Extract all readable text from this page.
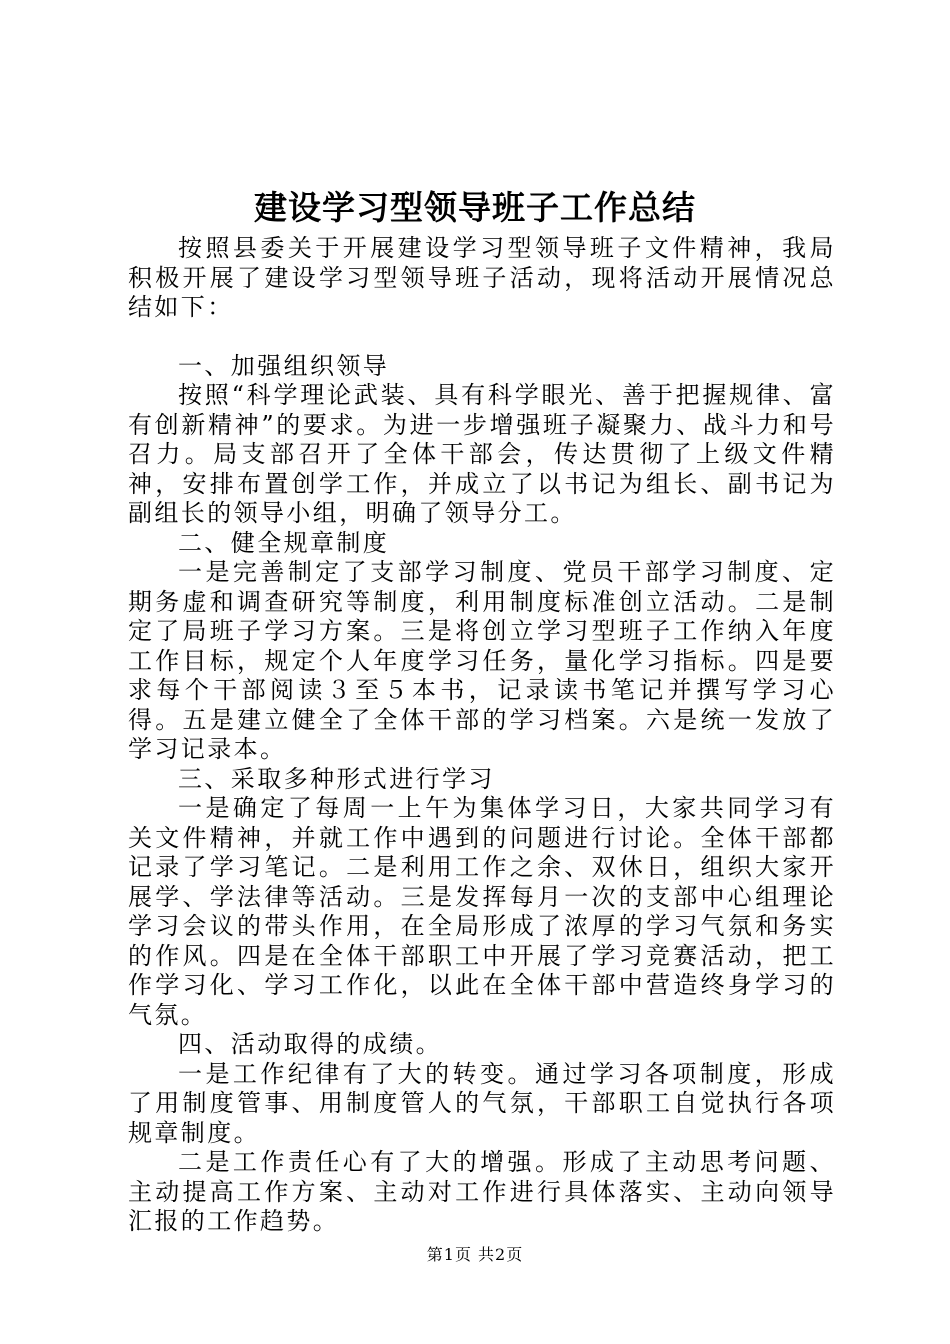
建设学习型领导班子工作总结

按照县委关于开展建设学习型领导班子文件精神，我局积极开展了建设学习型领导班子活动，现将活动开展情况总结如下：

一、加强组织领导

按照“科学理论武装、具有科学眼光、善于把握规律、富有创新精神”的要求。为进一步增强班子凝聚力、战斗力和号召力。局支部召开了全体干部会，传达贯彻了上级文件精神，安排布置创学工作，并成立了以书记为组长、副书记为副组长的领导小组，明确了领导分工。

二、健全规章制度

一是完善制定了支部学习制度、党员干部学习制度、定期务虚和调查研究等制度，利用制度标准创立活动。二是制定了局班子学习方案。三是将创立学习型班子工作纳入年度工作目标，规定个人年度学习任务，量化学习指标。四是要求每个干部阅读３至５本书，记录读书笔记并撰写学习心得。五是建立健全了全体干部的学习档案。六是统一发放了学习记录本。

三、采取多种形式进行学习

一是确定了每周一上午为集体学习日，大家共同学习有关文件精神，并就工作中遇到的问题进行讨论。全体干部都记录了学习笔记。二是利用工作之余、双休日，组织大家开展学、学法律等活动。三是发挥每月一次的支部中心组理论学习会议的带头作用，在全局形成了浓厚的学习气氛和务实的作风。四是在全体干部职工中开展了学习竞赛活动，把工作学习化、学习工作化，以此在全体干部中营造终身学习的气氛。

四、活动取得的成绩。

一是工作纪律有了大的转变。通过学习各项制度，形成了用制度管事、用制度管人的气氛，干部职工自觉执行各项规章制度。

二是工作责任心有了大的增强。形成了主动思考问题、主动提高工作方案、主动对工作进行具体落实、主动向领导汇报的工作趋势。

第1页 共2页
